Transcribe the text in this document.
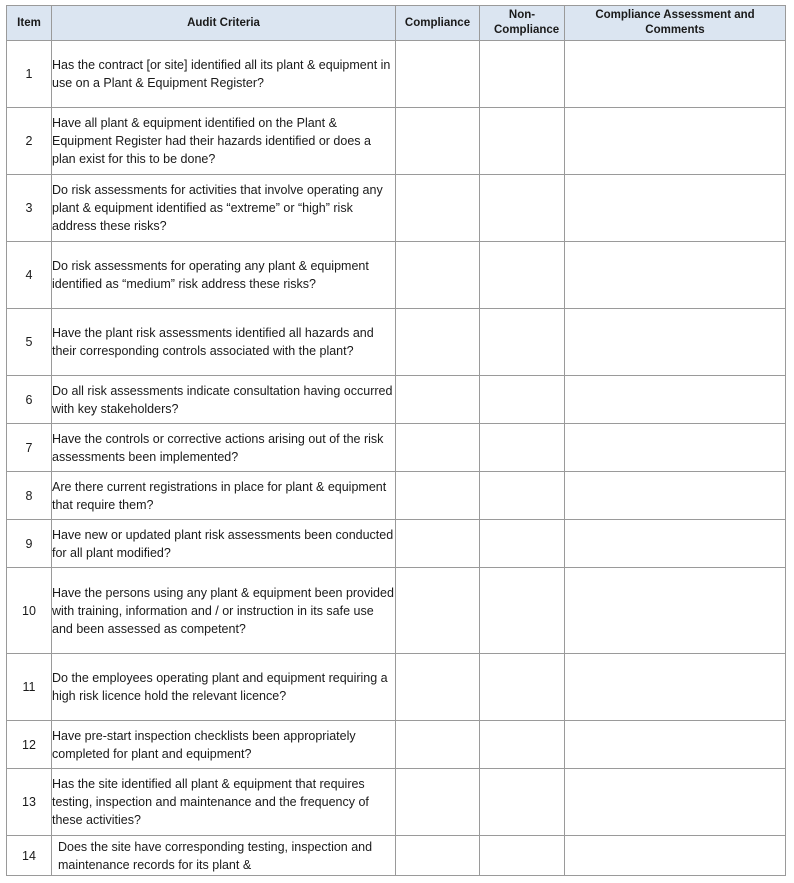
Item	Audit Criteria	Compliance	Non-Compliance	Compliance Assessment and Comments
1	Has the contract [or site] identified all its plant & equipment in use on a Plant & Equipment Register?			
2	Have all plant & equipment identified on the Plant & Equipment Register had their hazards identified or does a plan exist for this to be done?			
3	Do risk assessments for activities that involve operating any plant & equipment identified as “extreme” or “high” risk address these risks?			
4	Do risk assessments for operating any plant & equipment identified as “medium” risk address these risks?			
5	Have the plant risk assessments identified all hazards and their corresponding controls associated with the plant?			
6	Do all risk assessments indicate consultation having occurred with key stakeholders?			
7	Have the controls or corrective actions arising out of the risk assessments been implemented?			
8	Are there current registrations in place for plant & equipment that require them?			
9	Have new or updated plant risk assessments been conducted for all plant modified?			
10	Have the persons using any plant & equipment been provided with training, information and / or instruction in its safe use and been assessed as competent?			
11	Do the employees operating plant and equipment requiring a high risk licence hold the relevant licence?			
12	Have pre-start inspection checklists been appropriately completed for plant and equipment?			
13	Has the site identified all plant & equipment that requires testing, inspection and maintenance and the frequency of these activities?			
14	Does the site have corresponding testing, inspection and maintenance records for its plant &			
